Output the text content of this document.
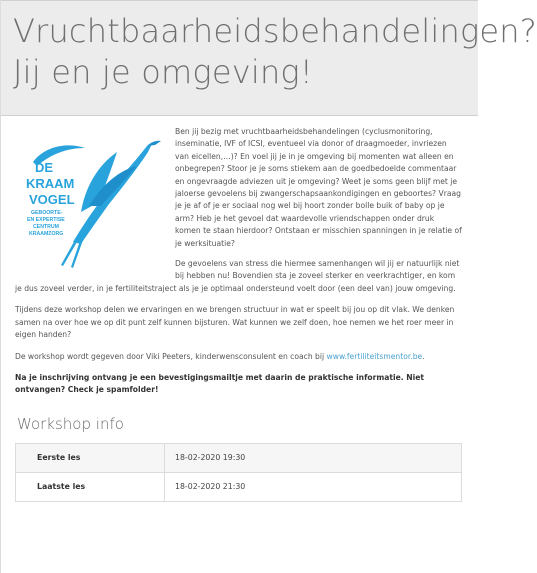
Vruchtbaarheidsbehandelingen?
Jij en je omgeving!
DE
KRAAM
VOGEL
GEBOORTE-
EN EXPERTISE
CENTRUM
KRAAMZORG

Ben jij bezig met vruchtbaarheidsbehandelingen (cyclusmonitoring, inseminatie, IVF of ICSI, eventueel via donor of draagmoeder, invriezen van eicellen,…)? En voel jij je in je omgeving bij momenten wat alleen en onbegrepen? Stoor je je soms stiekem aan de goedbedoelde commentaar en ongevraagde adviezen uit je omgeving? Weet je soms geen blijf met je jaloerse gevoelens bij zwangerschapsaankondigingen en geboortes? Vraag je je af of je er sociaal nog wel bij hoort zonder bolle buik of baby op je arm? Heb je het gevoel dat waardevolle vriendschappen onder druk komen te staan hierdoor? Ontstaan er misschien spanningen in je relatie of je werksituatie?

De gevoelens van stress die hiermee samenhangen wil jij er natuurlijk niet bij hebben nu! Bovendien sta je zoveel sterker en veerkrachtiger, en kom je dus zoveel verder, in je fertiliteitstraject als je je optimaal ondersteund voelt door (een deel van) jouw omgeving.

Tijdens deze workshop delen we ervaringen en we brengen structuur in wat er speelt bij jou op dit vlak. We denken samen na over hoe we op dit punt zelf kunnen bijsturen. Wat kunnen we zelf doen, hoe nemen we het roer meer in eigen handen?

De workshop wordt gegeven door Viki Peeters, kinderwensconsulent en coach bij www.fertiliteitsmentor.be.

Na je inschrijving ontvang je een bevestigingsmailtje met daarin de praktische informatie. Niet ontvangen? Check je spamfolder!

Workshop info
Eerste les	18-02-2020 19:30
Laatste les	18-02-2020 21:30
